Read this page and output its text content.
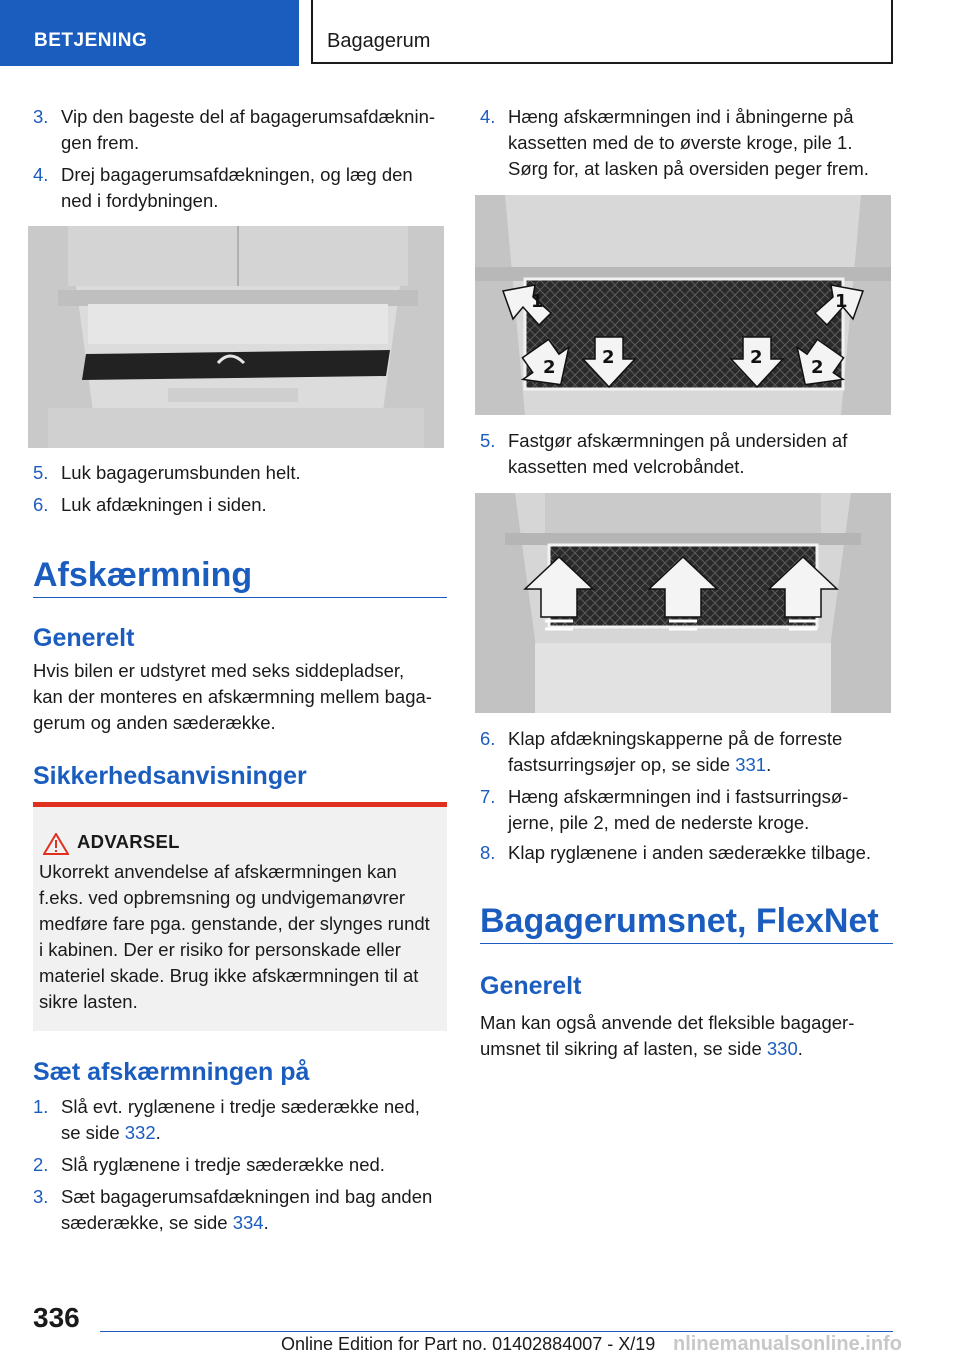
BETJENING	Bagagerum
3. Vip den bageste del af bagagerumsafdæknin-
gen frem.
4. Drej bagagerumsafdækningen, og læg den
ned i fordybningen.
5. Luk bagagerumsbunden helt.
6. Luk afdækningen i siden.
Afskærmning
Generelt
Hvis bilen er udstyret med seks siddepladser,
kan der monteres en afskærmning mellem baga-
gerum og anden sæderække.
Sikkerhedsanvisninger
ADVARSEL
Ukorrekt anvendelse af afskærmningen kan
f.eks. ved opbremsning og undvigemanøvrer
medføre fare pga. genstande, der slynges rundt
i kabinen. Der er risiko for personskade eller
materiel skade. Brug ikke afskærmningen til at
sikre lasten.
Sæt afskærmningen på
1. Slå evt. ryglænene i tredje sæderække ned,
se side 332.
2. Slå ryglænene i tredje sæderække ned.
3. Sæt bagagerumsafdækningen ind bag anden
sæderække, se side 334.
4. Hæng afskærmningen ind i åbningerne på
kassetten med de to øverste kroge, pile 1.
Sørg for, at lasken på oversiden peger frem.
1	1
2	2	2	2
5. Fastgør afskærmningen på undersiden af
kassetten med velcrobåndet.
6. Klap afdækningskapperne på de forreste
fastsurringsøjer op, se side 331.
7. Hæng afskærmningen ind i fastsurringsø-
jerne, pile 2, med de nederste kroge.
8. Klap ryglænene i anden sæderække tilbage.
Bagagerumsnet, FlexNet
Generelt
Man kan også anvende det fleksible bagager-
umsnet til sikring af lasten, se side 330.
336
Online Edition for Part no. 01402884007 - X/19 nlinemanualsonline.info
